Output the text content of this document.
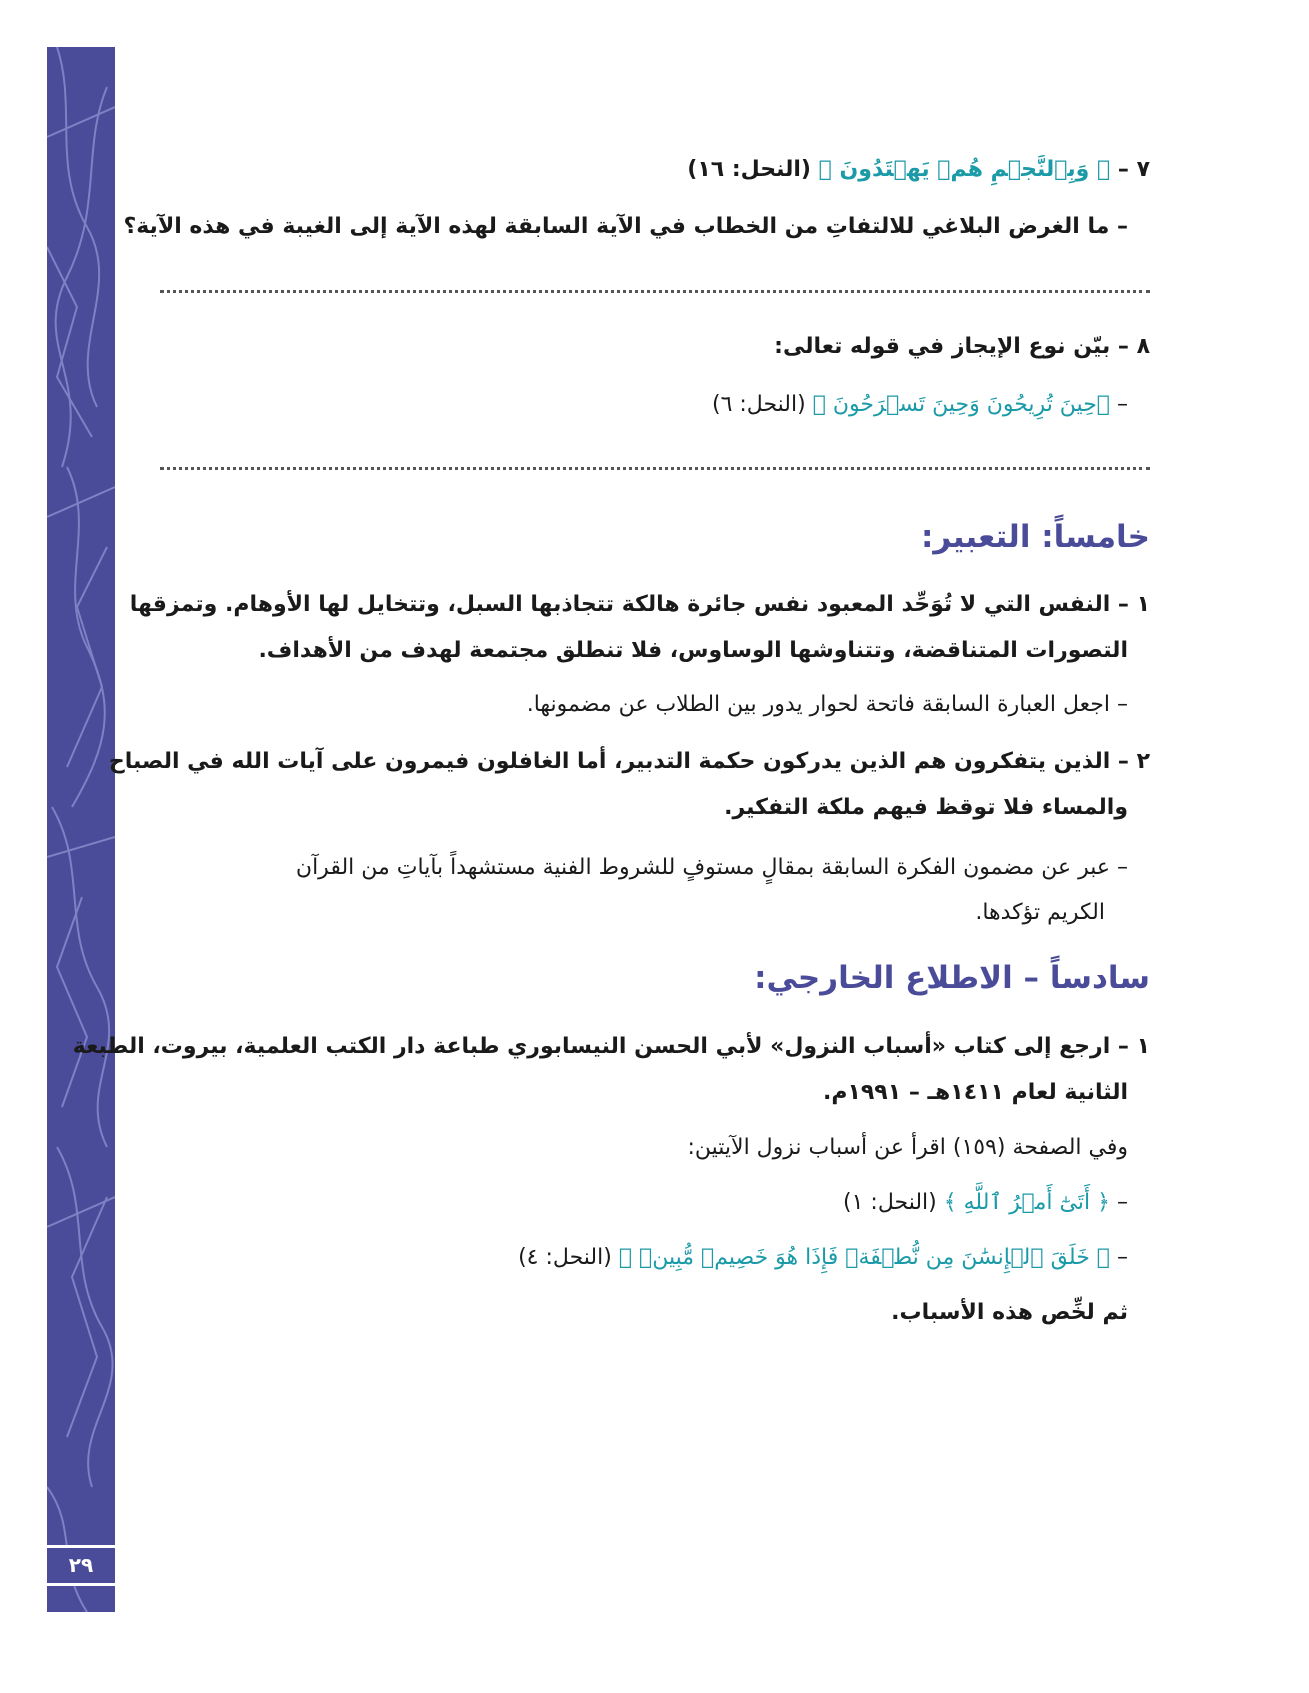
٢٩
٧ – ﴿ وَبِٱلنَّجۡمِ هُمۡ يَهۡتَدُونَ ﴾ (النحل: ١٦)
– ما الغرض البلاغي للالتفاتِ من الخطاب في الآية السابقة لهذه الآية إلى الغيبة في هذه الآية؟
٨ – بيّن نوع الإيجاز في قوله تعالى:
– ﴿حِينَ تُرِيحُونَ وَحِينَ تَسۡرَحُونَ ﴾ (النحل: ٦)
خامساً: التعبير:
١ – النفس التي لا تُوَحِّد المعبود نفس جائرة هالكة تتجاذبها السبل، وتتخايل لها الأوهام. وتمزقها
التصورات المتناقضة، وتتناوشها الوساوس، فلا تنطلق مجتمعة لهدف من الأهداف.
– اجعل العبارة السابقة فاتحة لحوار يدور بين الطلاب عن مضمونها.
٢ – الذين يتفكرون هم الذين يدركون حكمة التدبير، أما الغافلون فيمرون على آيات الله في الصباح
والمساء فلا توقظ فيهم ملكة التفكير.
– عبر عن مضمون الفكرة السابقة بمقالٍ مستوفٍ للشروط الفنية مستشهداً بآياتِ من القرآن
الكريم تؤكدها.
سادساً – الاطلاع الخارجي:
١ – ارجع إلى كتاب «أسباب النزول» لأبي الحسن النيسابوري طباعة دار الكتب العلمية، بيروت، الطبعة
الثانية لعام ١٤١١هـ – ١٩٩١م.
وفي الصفحة (١٥٩) اقرأ عن أسباب نزول الآيتين:
– ﴿ أَتَىٰٓ أَمۡرُ ٱللَّهِ ﴾ (النحل: ١)
– ﴿ خَلَقَ ٱلۡإِنسَٰنَ مِن نُّطۡفَةٖ فَإِذَا هُوَ خَصِيمٞ مُّبِينٞ ﴾ (النحل: ٤)
ثم لخِّص هذه الأسباب.
